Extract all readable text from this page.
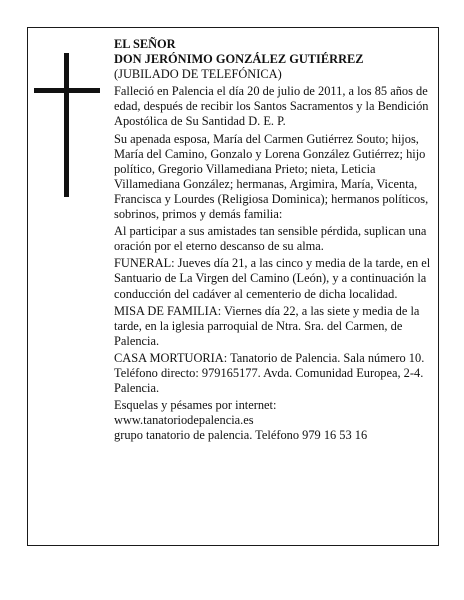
EL SEÑOR
DON JERÓNIMO GONZÁLEZ GUTIÉRREZ

(JUBILADO DE TELEFÓNICA)

Falleció en Palencia el día 20 de julio de 2011, a los 85 años de edad, después de recibir los Santos Sacramentos y la Bendición Apostólica de Su Santidad D. E. P.

Su apenada esposa, María del Carmen Gutiérrez Souto; hijos, María del Camino, Gonzalo y Lorena González Gutiérrez; hijo político, Gregorio Villamediana Prieto; nieta, Leticia Villamediana González; hermanas, Argimira, María, Vicenta, Francisca y Lourdes (Religiosa Dominica); hermanos políticos, sobrinos, primos y demás familia:

Al participar a sus amistades tan sensible pérdida, suplican una oración por el eterno descanso de su alma.

FUNERAL: Jueves día 21, a las cinco y media de la tarde, en el Santuario de La Virgen del Camino (León), y a continuación la conducción del cadáver al cementerio de dicha localidad.

MISA DE FAMILIA: Viernes día 22, a las siete y media de la tarde, en la iglesia parroquial de Ntra. Sra. del Carmen, de Palencia.

CASA MORTUORIA: Tanatorio de Palencia. Sala número 10. Teléfono directo: 979165177. Avda. Comunidad Europea, 2-4. Palencia.

Esquelas y pésames por internet:
www.tanatoriodepalencia.es
grupo tanatorio de palencia. Teléfono 979 16 53 16
